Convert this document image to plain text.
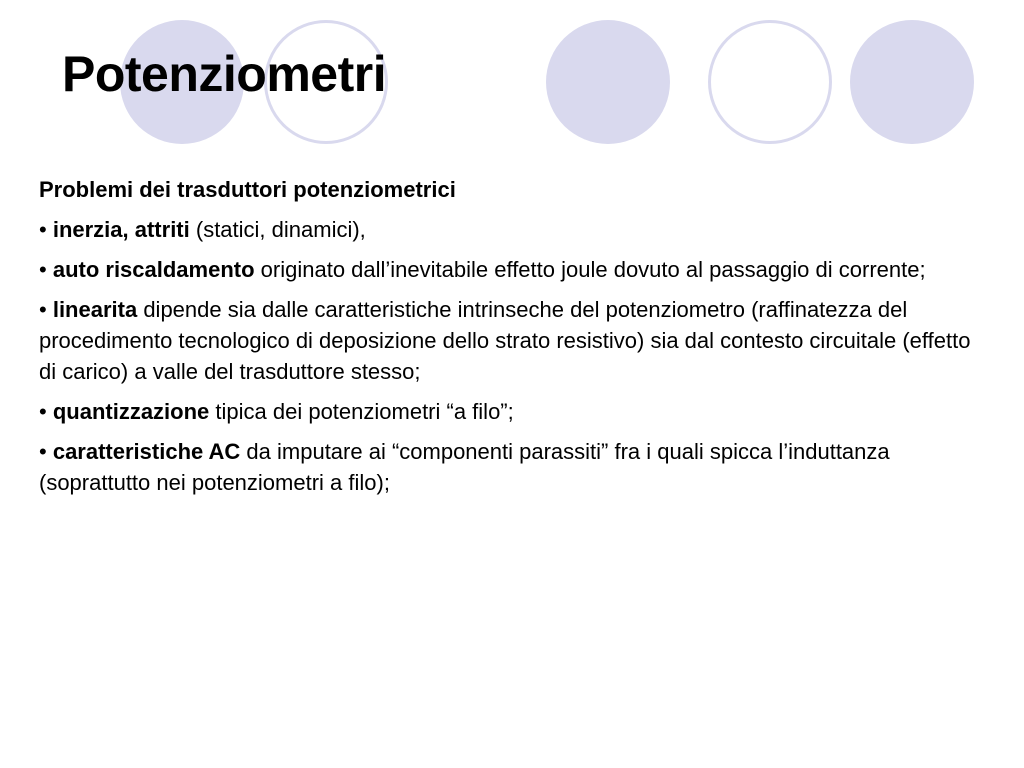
Potenziometri

Problemi dei trasduttori potenziometrici

• inerzia, attriti (statici, dinamici),

• auto riscaldamento originato dall’inevitabile effetto joule dovuto al passaggio di corrente;

• linearita dipende sia dalle caratteristiche intrinseche del potenziometro (raffinatezza del procedimento tecnologico di deposizione dello strato resistivo) sia dal contesto circuitale (effetto di carico) a valle del trasduttore stesso;

• quantizzazione tipica dei potenziometri “a filo”;

• caratteristiche AC da imputare ai “componenti parassiti” fra i quali spicca l’induttanza (soprattutto nei potenziometri a filo);
